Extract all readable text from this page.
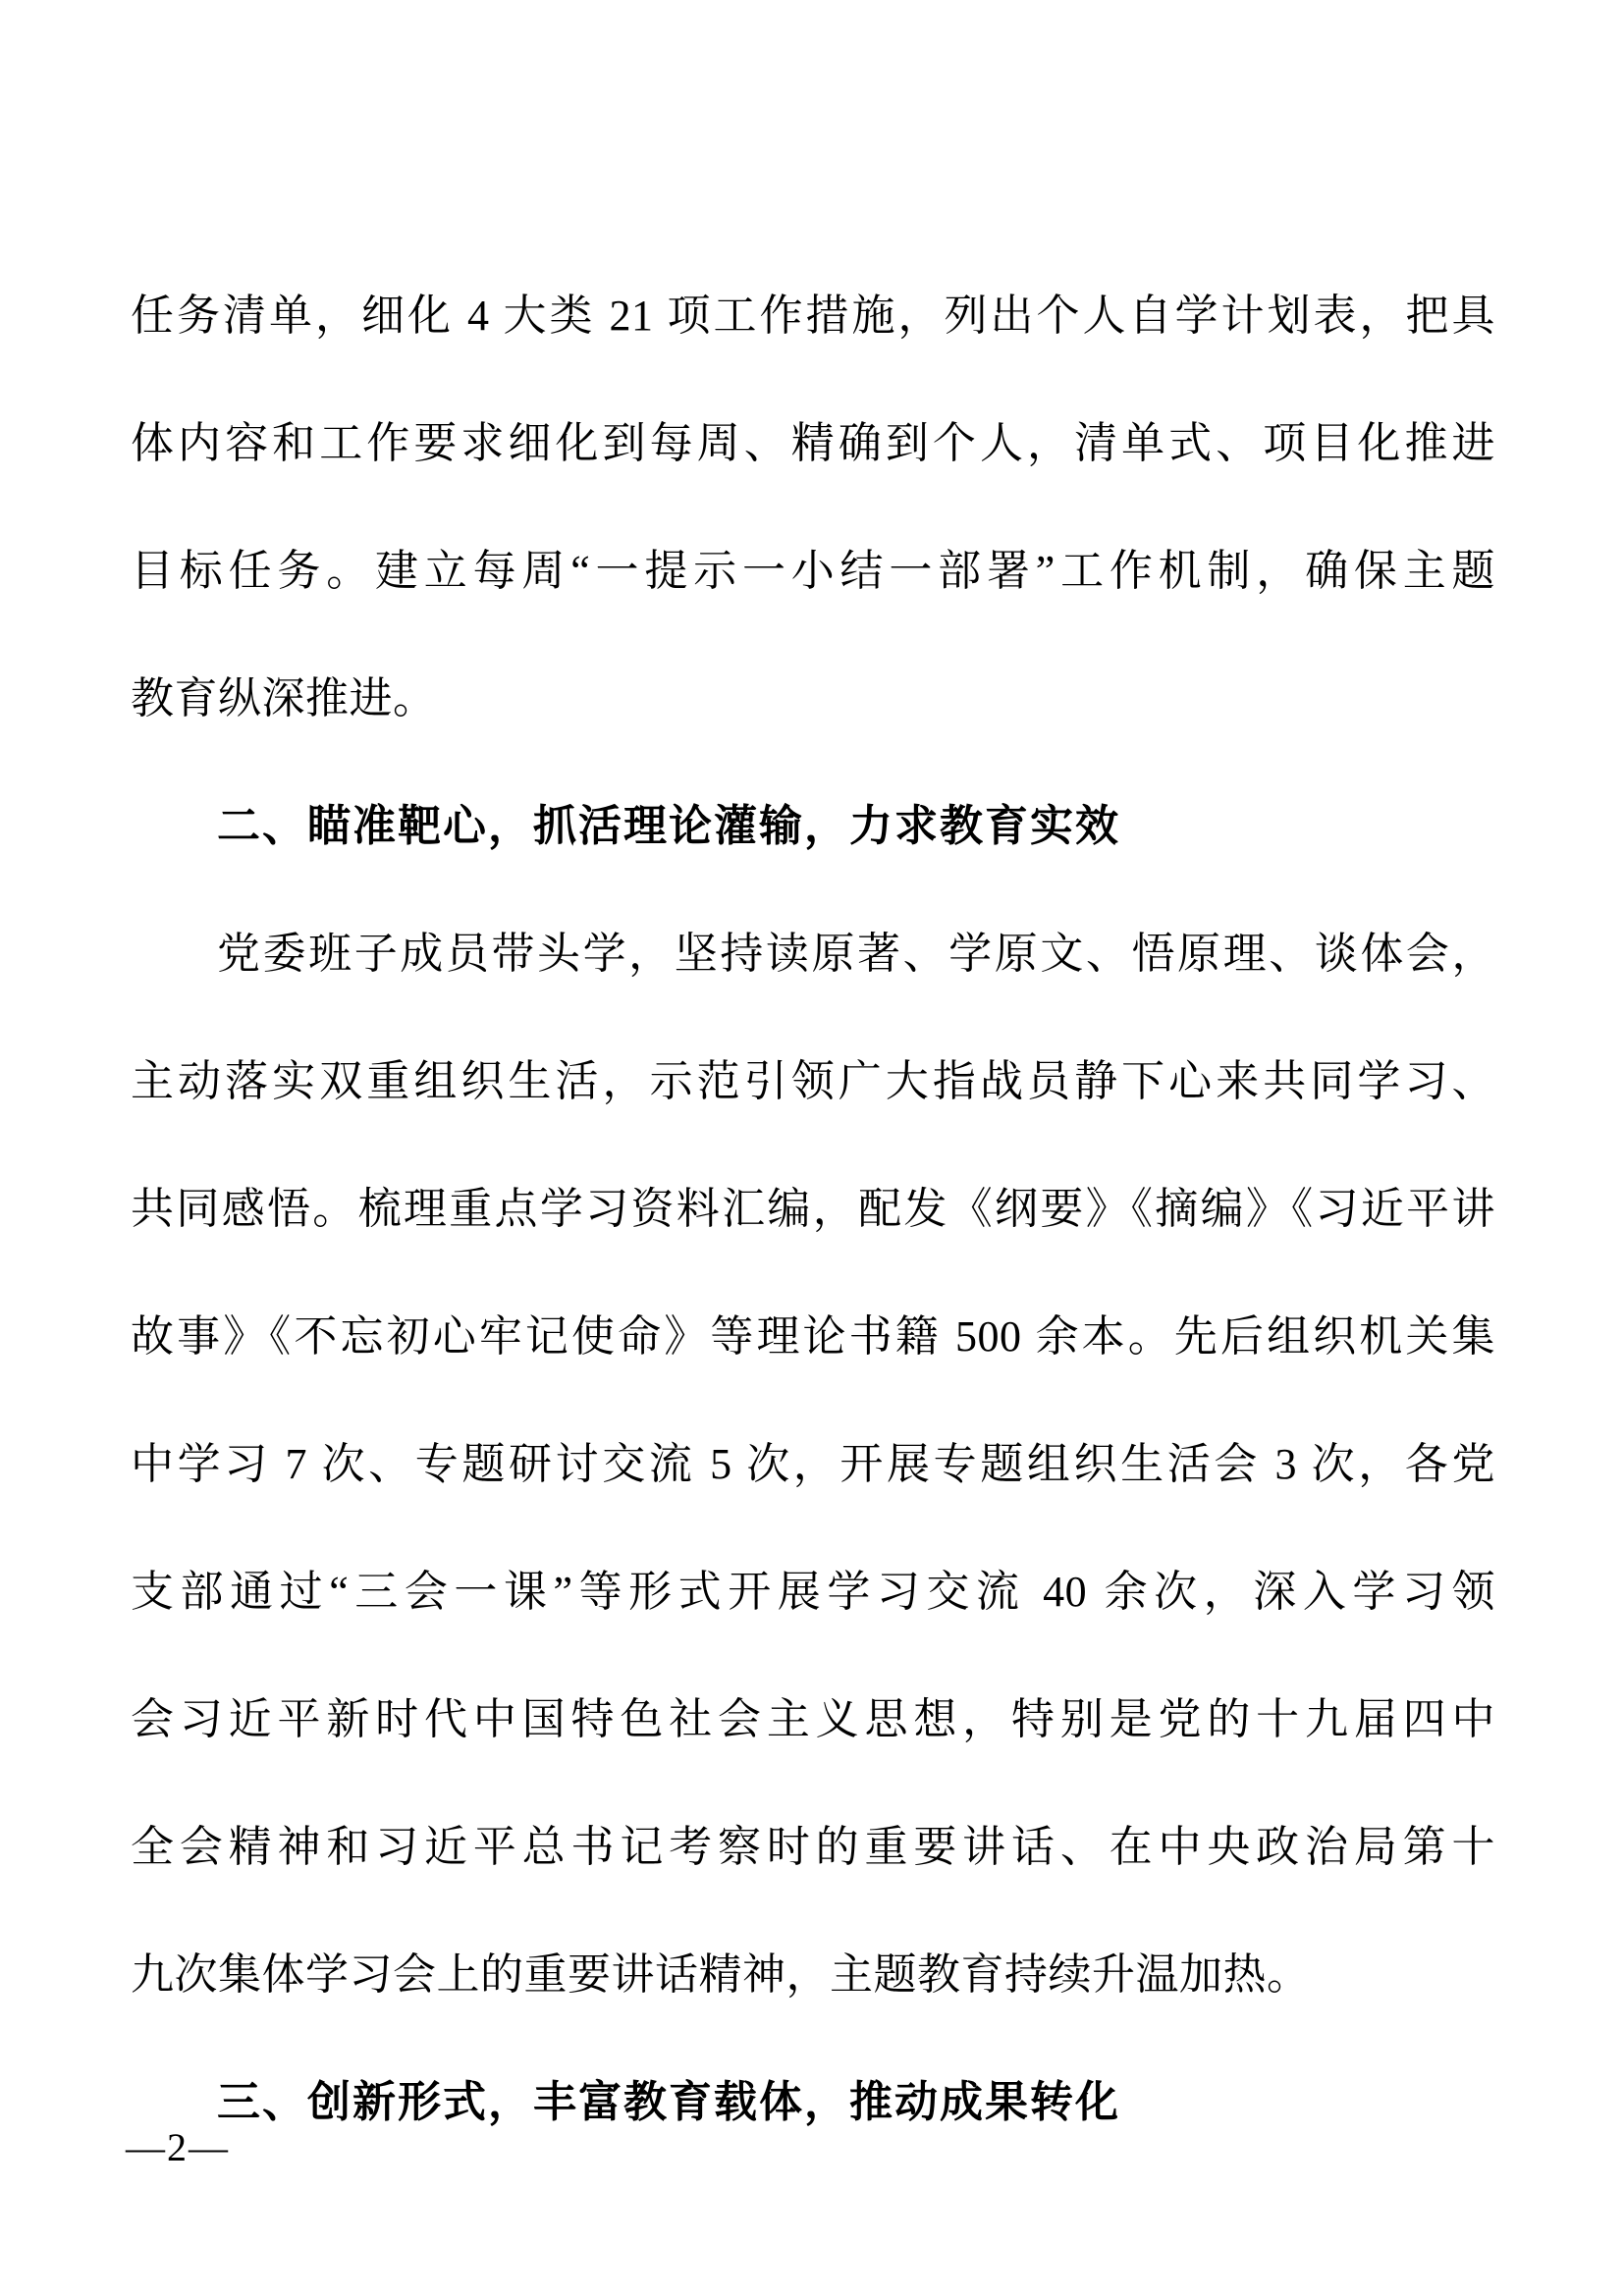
任务清单，细化 4 大类 21 项工作措施，列出个人自学计划表，把具
体内容和工作要求细化到每周、精确到个人，清单式、项目化推进
目标任务。建立每周“一提示一小结一部署”工作机制，确保主题
教育纵深推进。
二、瞄准靶心，抓活理论灌输，力求教育实效
党委班子成员带头学，坚持读原著、学原文、悟原理、谈体会，
主动落实双重组织生活，示范引领广大指战员静下心来共同学习、
共同感悟。梳理重点学习资料汇编，配发《纲要》《摘编》《习近平讲
故事》《不忘初心牢记使命》等理论书籍 500 余本。先后组织机关集
中学习 7 次、专题研讨交流 5 次，开展专题组织生活会 3 次，各党
支部通过“三会一课”等形式开展学习交流 40 余次，深入学习领
会习近平新时代中国特色社会主义思想，特别是党的十九届四中
全会精神和习近平总书记考察时的重要讲话、在中央政治局第十
九次集体学习会上的重要讲话精神，主题教育持续升温加热。
三、创新形式，丰富教育载体，推动成果转化
—2—
